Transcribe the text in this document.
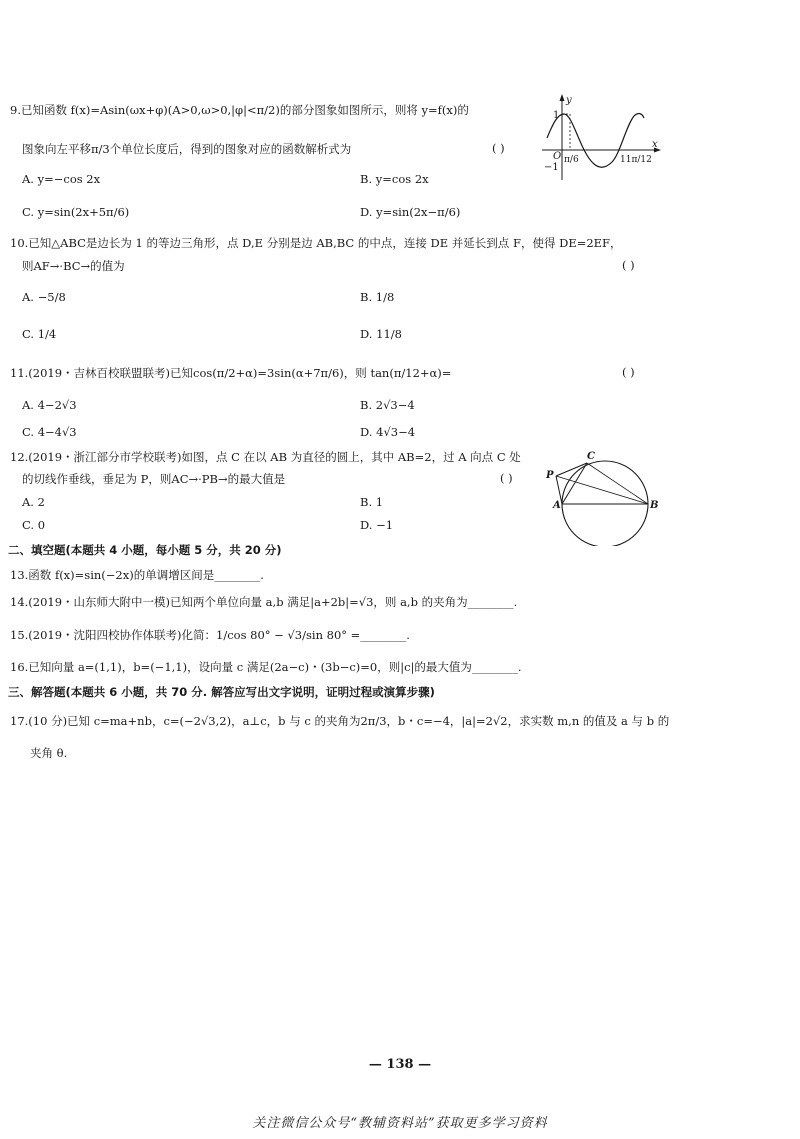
9.已知函数 f(x)=Asin(ωx+φ)(A>0,ω>0,|φ|<π/2)的部分图象如图所示，则将 y=f(x)的
图象向左平移π/3个单位长度后，得到的图象对应的函数解析式为	( )
y
x
O
1
−1
π/6	11π/12
A. y=−cos 2x	B. y=cos 2x
C. y=sin(2x+5π/6)	D. y=sin(2x−π/6)
10.已知△ABC是边长为 1 的等边三角形，点 D,E 分别是边 AB,BC 的中点，连接 DE 并延长到点 F，使得 DE=2EF，
则AF→·BC→的值为	( )
A. −5/8	B. 1/8
C. 1/4	D. 11/8
11.(2019・吉林百校联盟联考)已知cos(π/2+α)=3sin(α+7π/6)，则 tan(π/12+α)=	( )
A. 4−2√3	B. 2√3−4
C. 4−4√3	D. 4√3−4
12.(2019・浙江部分市学校联考)如图，点 C 在以 AB 为直径的圆上，其中 AB=2，过 A 向点 C 处
的切线作垂线，垂足为 P，则AC→·PB→的最大值是	( )
C
P
A	B
A. 2	B. 1
C. 0	D. −1
二、填空题(本题共 4 小题，每小题 5 分，共 20 分)
13.函数 f(x)=sin(−2x)的单调增区间是________.
14.(2019・山东师大附中一模)已知两个单位向量 a,b 满足|a+2b|=√3，则 a,b 的夹角为________.
15.(2019・沈阳四校协作体联考)化简：1/cos 80° − √3/sin 80° =________.
16.已知向量 a=(1,1)，b=(−1,1)，设向量 c 满足(2a−c)・(3b−c)=0，则|c|的最大值为________.
三、解答题(本题共 6 小题，共 70 分. 解答应写出文字说明，证明过程或演算步骤)
17.(10 分)已知 c=ma+nb，c=(−2√3,2)，a⊥c，b 与 c 的夹角为2π/3，b・c=−4，|a|=2√2，求实数 m,n 的值及 a 与 b 的
夹角 θ.
— 138 —
关注微信公众号“教辅资料站”获取更多学习资料
